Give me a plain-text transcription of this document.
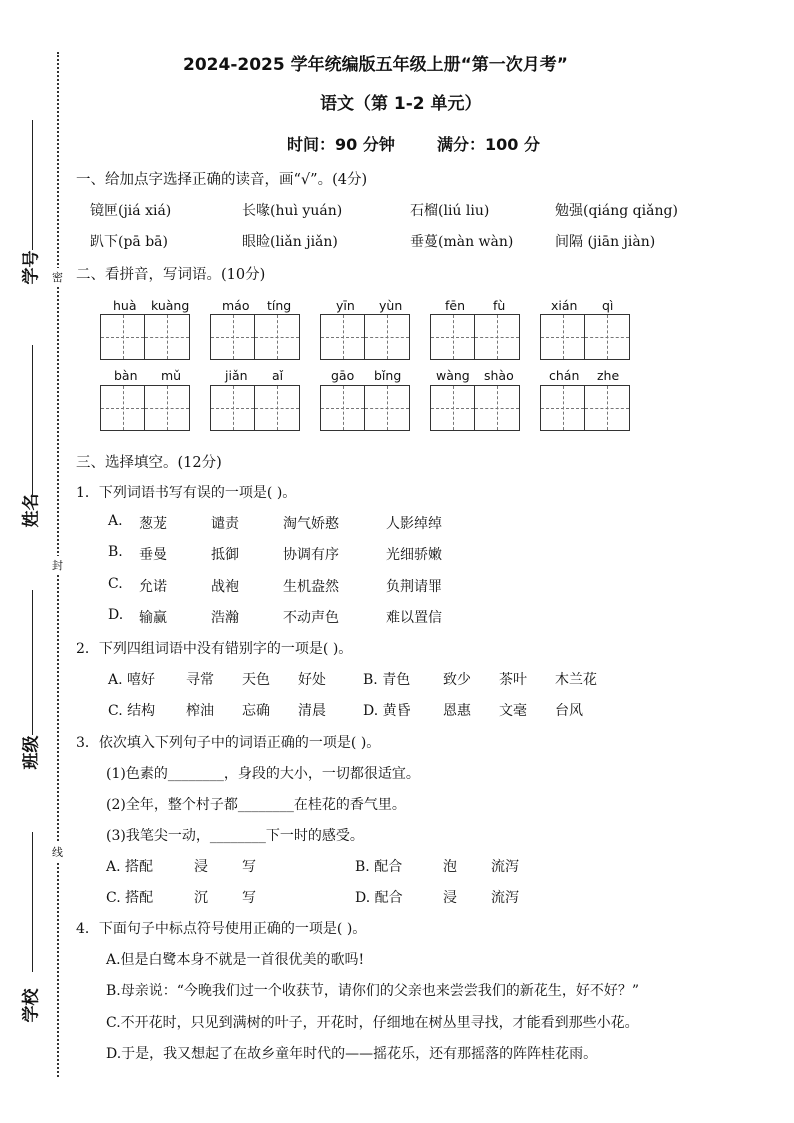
密
封
线
学号
姓名
班级
学校
2024-2025 学年统编版五年级上册“第一次月考”
语文（第 1-2 单元）
时间：90 分钟	满分：100 分
一、给加点字选择正确的读音，画“√”。(4分)
镜匣(jiá xiá)	长喙(huì yuán)	石榴(liú liu)	勉强(qiáng qiǎng)
趴下(pā bā)	眼睑(liǎn jiǎn)	垂蔓(màn wàn)	间隔 (jiān jiàn)
二、看拼音，写词语。(10分)
huà kuàng	máo tíng	yīn yùn	fēn fù	xián qì
bàn mǔ	jiǎn aǐ	gāo bǐng	wàng shào	chán zhe
三、选择填空。(12分)
1．下列词语书写有误的一项是( )。
A. 葱茏	谴责	淘气娇憨	人影绰绰
B. 垂曼	抵御	协调有序	光细骄嫩
C. 允诺	战袍	生机盎然	负荆请罪
D. 输赢	浩瀚	不动声色	难以置信
2．下列四组词语中没有错别字的一项是( )。
A. 嘻好 寻常 天色 好处	B. 青色 致少 茶叶 木兰花
C. 结构 榨油 忘确 清晨	D. 黄昏 恩惠 文毫 台风
3．依次填入下列句子中的词语正确的一项是( )。
(1)色素的________，身段的大小，一切都很适宜。
(2)全年，整个村子都________在桂花的香气里。
(3)我笔尖一动，________下一时的感受。
A. 搭配	浸 写	B. 配合	泡 流泻
C. 搭配	沉 写	D. 配合	浸 流泻
4．下面句子中标点符号使用正确的一项是( )。
A.但是白鹭本身不就是一首很优美的歌吗!
B.母亲说：“今晚我们过一个收获节，请你们的父亲也来尝尝我们的新花生，好不好？”
C.不开花时，只见到满树的叶子，开花时，仔细地在树丛里寻找，才能看到那些小花。
D.于是，我又想起了在故乡童年时代的——摇花乐，还有那摇落的阵阵桂花雨。
